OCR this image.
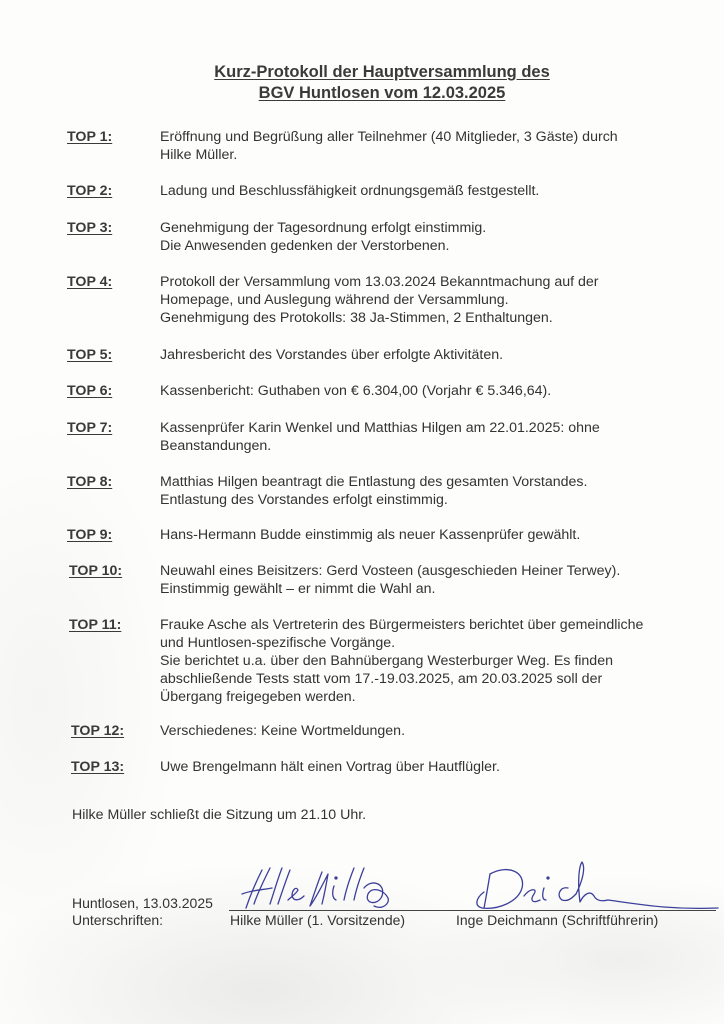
Kurz-Protokoll der Hauptversammlung des
BGV Huntlosen vom 12.03.2025
TOP 1:	Eröffnung und Begrüßung aller Teilnehmer (40 Mitglieder, 3 Gäste) durch
Hilke Müller.
TOP 2:	Ladung und Beschlussfähigkeit ordnungsgemäß festgestellt.
TOP 3:	Genehmigung der Tagesordnung erfolgt einstimmig.
Die Anwesenden gedenken der Verstorbenen.
TOP 4:	Protokoll der Versammlung vom 13.03.2024 Bekanntmachung auf der
Homepage, und Auslegung während der Versammlung.
Genehmigung des Protokolls: 38 Ja-Stimmen, 2 Enthaltungen.
TOP 5:	Jahresbericht des Vorstandes über erfolgte Aktivitäten.
TOP 6:	Kassenbericht: Guthaben von € 6.304,00 (Vorjahr € 5.346,64).
TOP 7:	Kassenprüfer Karin Wenkel und Matthias Hilgen am 22.01.2025: ohne
Beanstandungen.
TOP 8:	Matthias Hilgen beantragt die Entlastung des gesamten Vorstandes.
Entlastung des Vorstandes erfolgt einstimmig.
TOP 9:	Hans-Hermann Budde einstimmig als neuer Kassenprüfer gewählt.
TOP 10:	Neuwahl eines Beisitzers: Gerd Vosteen (ausgeschieden Heiner Terwey).
Einstimmig gewählt – er nimmt die Wahl an.
TOP 11:	Frauke Asche als Vertreterin des Bürgermeisters berichtet über gemeindliche
und Huntlosen-spezifische Vorgänge.
Sie berichtet u.a. über den Bahnübergang Westerburger Weg. Es finden
abschließende Tests statt vom 17.-19.03.2025, am 20.03.2025 soll der
Übergang freigegeben werden.
TOP 12:	Verschiedenes: Keine Wortmeldungen.
TOP 13:	Uwe Brengelmann hält einen Vortrag über Hautflügler.
Hilke Müller schließt die Sitzung um 21.10 Uhr.
Huntlosen, 13.03.2025
Unterschriften:	Hilke Müller (1. Vorsitzende)	Inge Deichmann (Schriftführerin)
